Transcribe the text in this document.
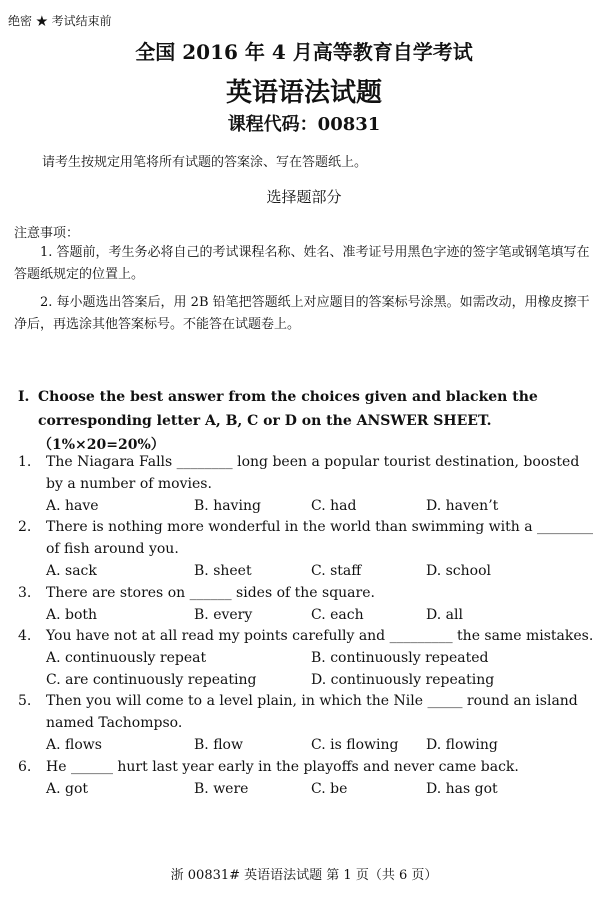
绝密 ★ 考试结束前
全国 2016 年 4 月高等教育自学考试
英语语法试题
课程代码：00831
请考生按规定用笔将所有试题的答案涂、写在答题纸上。
选择题部分
注意事项：
1. 答题前，考生务必将自己的考试课程名称、姓名、准考证号用黑色字迹的签字笔或钢笔填写在答题纸规定的位置上。
2. 每小题选出答案后，用 2B 铅笔把答题纸上对应题目的答案标号涂黑。如需改动，用橡皮擦干净后，再选涂其他答案标号。不能答在试题卷上。
I. Choose the best answer from the choices given and blacken the corresponding letter A, B, C or D on the ANSWER SHEET. （1%×20=20%）
1.	The Niagara Falls ________ long been a popular tourist destination, boosted by a number of movies.
A. have	B. having	C. had	D. haven’t
2.	There is nothing more wonderful in the world than swimming with a ________ of fish around you.
A. sack	B. sheet	C. staff	D. school
3.	There are stores on ______ sides of the square.
A. both	B. every	C. each	D. all
4.	You have not at all read my points carefully and _________ the same mistakes.
A. continuously repeat	B. continuously repeated
C. are continuously repeating	D. continuously repeating
5.	Then you will come to a level plain, in which the Nile _____ round an island named Tachompso.
A. flows	B. flow	C. is flowing D. flowing
6.	He ______ hurt last year early in the playoffs and never came back.
A. got	B. were	C. be	D. has got
浙 00831# 英语语法试题 第 1 页（共 6 页）
